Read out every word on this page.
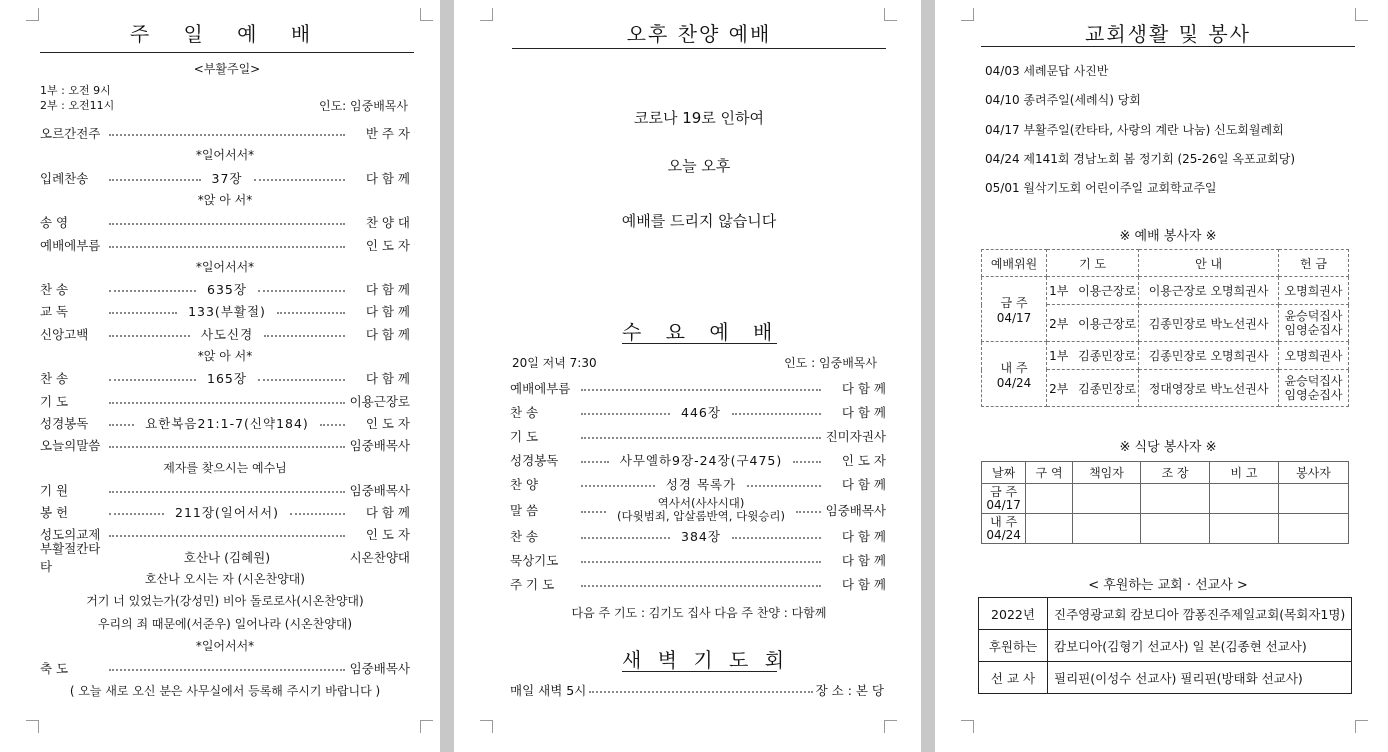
주 일 예 배
<부활주일>
1부 : 오전 9시
2부 : 오전11시	인도: 임중배목사
오르간전주	반 주 자
*일어서서*
입례찬송	37장	다 함 께
*앉 아 서*
송 영	찬 양 대
예배에부름	인 도 자
*일어서서*
찬 송	635장	다 함 께
교 독	133(부활절)	다 함 께
신앙고백	사도신경	다 함 께
*앉 아 서*
찬 송	165장	다 함 께
기 도	이용근장로
성경봉독	요한복음21:1-7(신약184)	인 도 자
오늘의말씀	임중배목사
제자를 찾으시는 예수님
기 원	임중배목사
봉 헌	211장(일어서서)	다 함 께
성도의교제	인 도 자
부활절칸타타
호산나 (김혜원)	시온찬양대
호산나 오시는 자 (시온찬양대)
거기 너 있었는가(강성민) 비아 돌로로사(시온찬양대)
우리의 죄 때문에(서준우) 일어나라 (시온찬양대)
*일어서서*
축 도	임중배목사
( 오늘 새로 오신 분은 사무실에서 등록해 주시기 바랍니다 )
오후 찬양 예배
코로나 19로 인하여
오늘 오후
예배를 드리지 않습니다
수 요 예 배
20일 저녁 7:30	인도 : 임중배목사
예배에부름	다 함 께
찬 송	446장	다 함 께
기 도	진미자권사
성경봉독	사무엘하9장-24장(구475)	인 도 자
찬 양	성경 목록가	다 함 께
말 씀	역사서(사사시대)
(다윗범죄, 압살롬반역, 다윗승리)	임중배목사
찬 송	384장	다 함 께
묵상기도	다 함 께
주 기 도	다 함 께
다음 주 기도 : 김기도 집사 다음 주 찬양 : 다함께
새 벽 기 도 회
매일 새벽 5시	장 소 : 본 당
교회생활 및 봉사
04/03 세례문답 사진반
04/10 종려주일(세례식) 당회
04/17 부활주일(칸타타, 사랑의 계란 나눔) 신도회월례회
04/24 제141회 경남노회 봄 정기회 (25-26일 옥포교회당)
05/01 월삭기도회 어린이주일 교회학교주일
※ 예배 봉사자 ※
예배위원	기 도	안 내	헌 금

금 주
04/17	1부 이용근장로	이용근장로 오명희권사	오명희권사
	2부 이용근장로	김종민장로 박노선권사	윤승덕집사
임영순집사

내 주
04/24	1부 김종민장로	김종민장로 오명희권사	오명희권사
	2부 김종민장로	정대영장로 박노선권사	윤승덕집사
임영순집사
※ 식당 봉사자 ※
날짜	구 역	책임자	조 장	비 고	봉사자

금 주
04/17					

내 주
04/24					

< 후원하는 교회 · 선교사 >
2022년	진주영광교회 캄보디아 깜퐁진주제일교회(목회자1명)
후원하는	캄보디아(김형기 선교사) 일 본(김종현 선교사)
선 교 사	필리핀(이성수 선교사) 필리핀(방태화 선교사)
